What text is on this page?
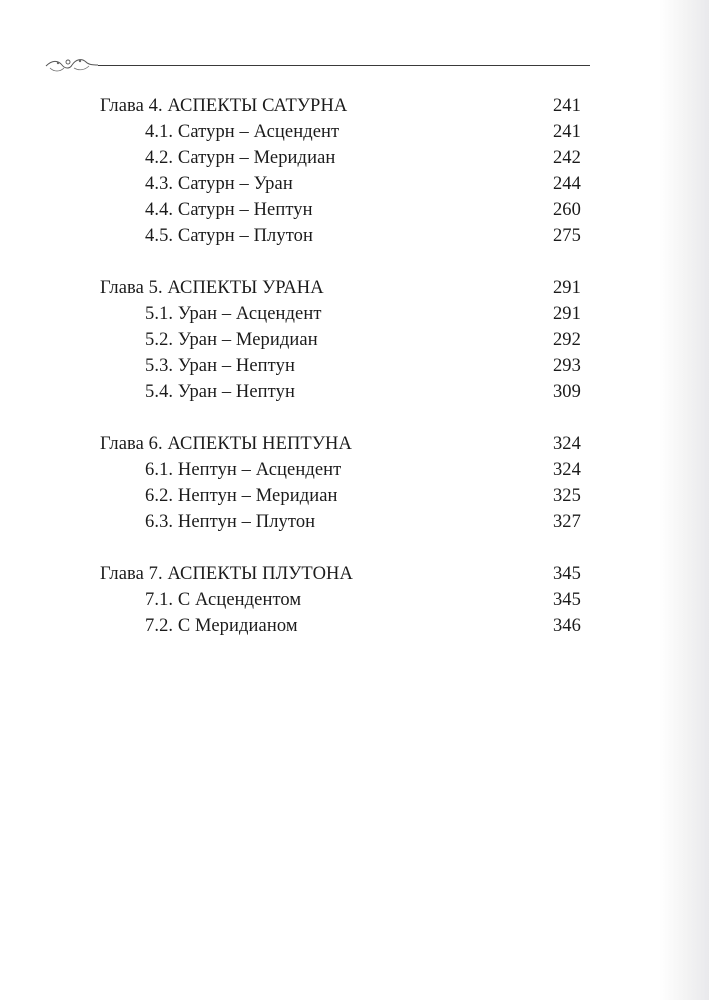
Глава 4. АСПЕКТЫ САТУРНА	241
4.1. Сатурн – Асцендент	241
4.2. Сатурн – Меридиан	242
4.3. Сатурн – Уран	244
4.4. Сатурн – Нептун	260
4.5. Сатурн – Плутон	275
Глава 5. АСПЕКТЫ УРАНА	291
5.1. Уран – Асцендент	291
5.2. Уран – Меридиан	292
5.3. Уран – Нептун	293
5.4. Уран – Нептун	309
Глава 6. АСПЕКТЫ НЕПТУНА	324
6.1. Нептун – Асцендент	324
6.2. Нептун – Меридиан	325
6.3. Нептун – Плутон	327
Глава 7. АСПЕКТЫ ПЛУТОНА	345
7.1. С Асцендентом	345
7.2. С Меридианом	346
